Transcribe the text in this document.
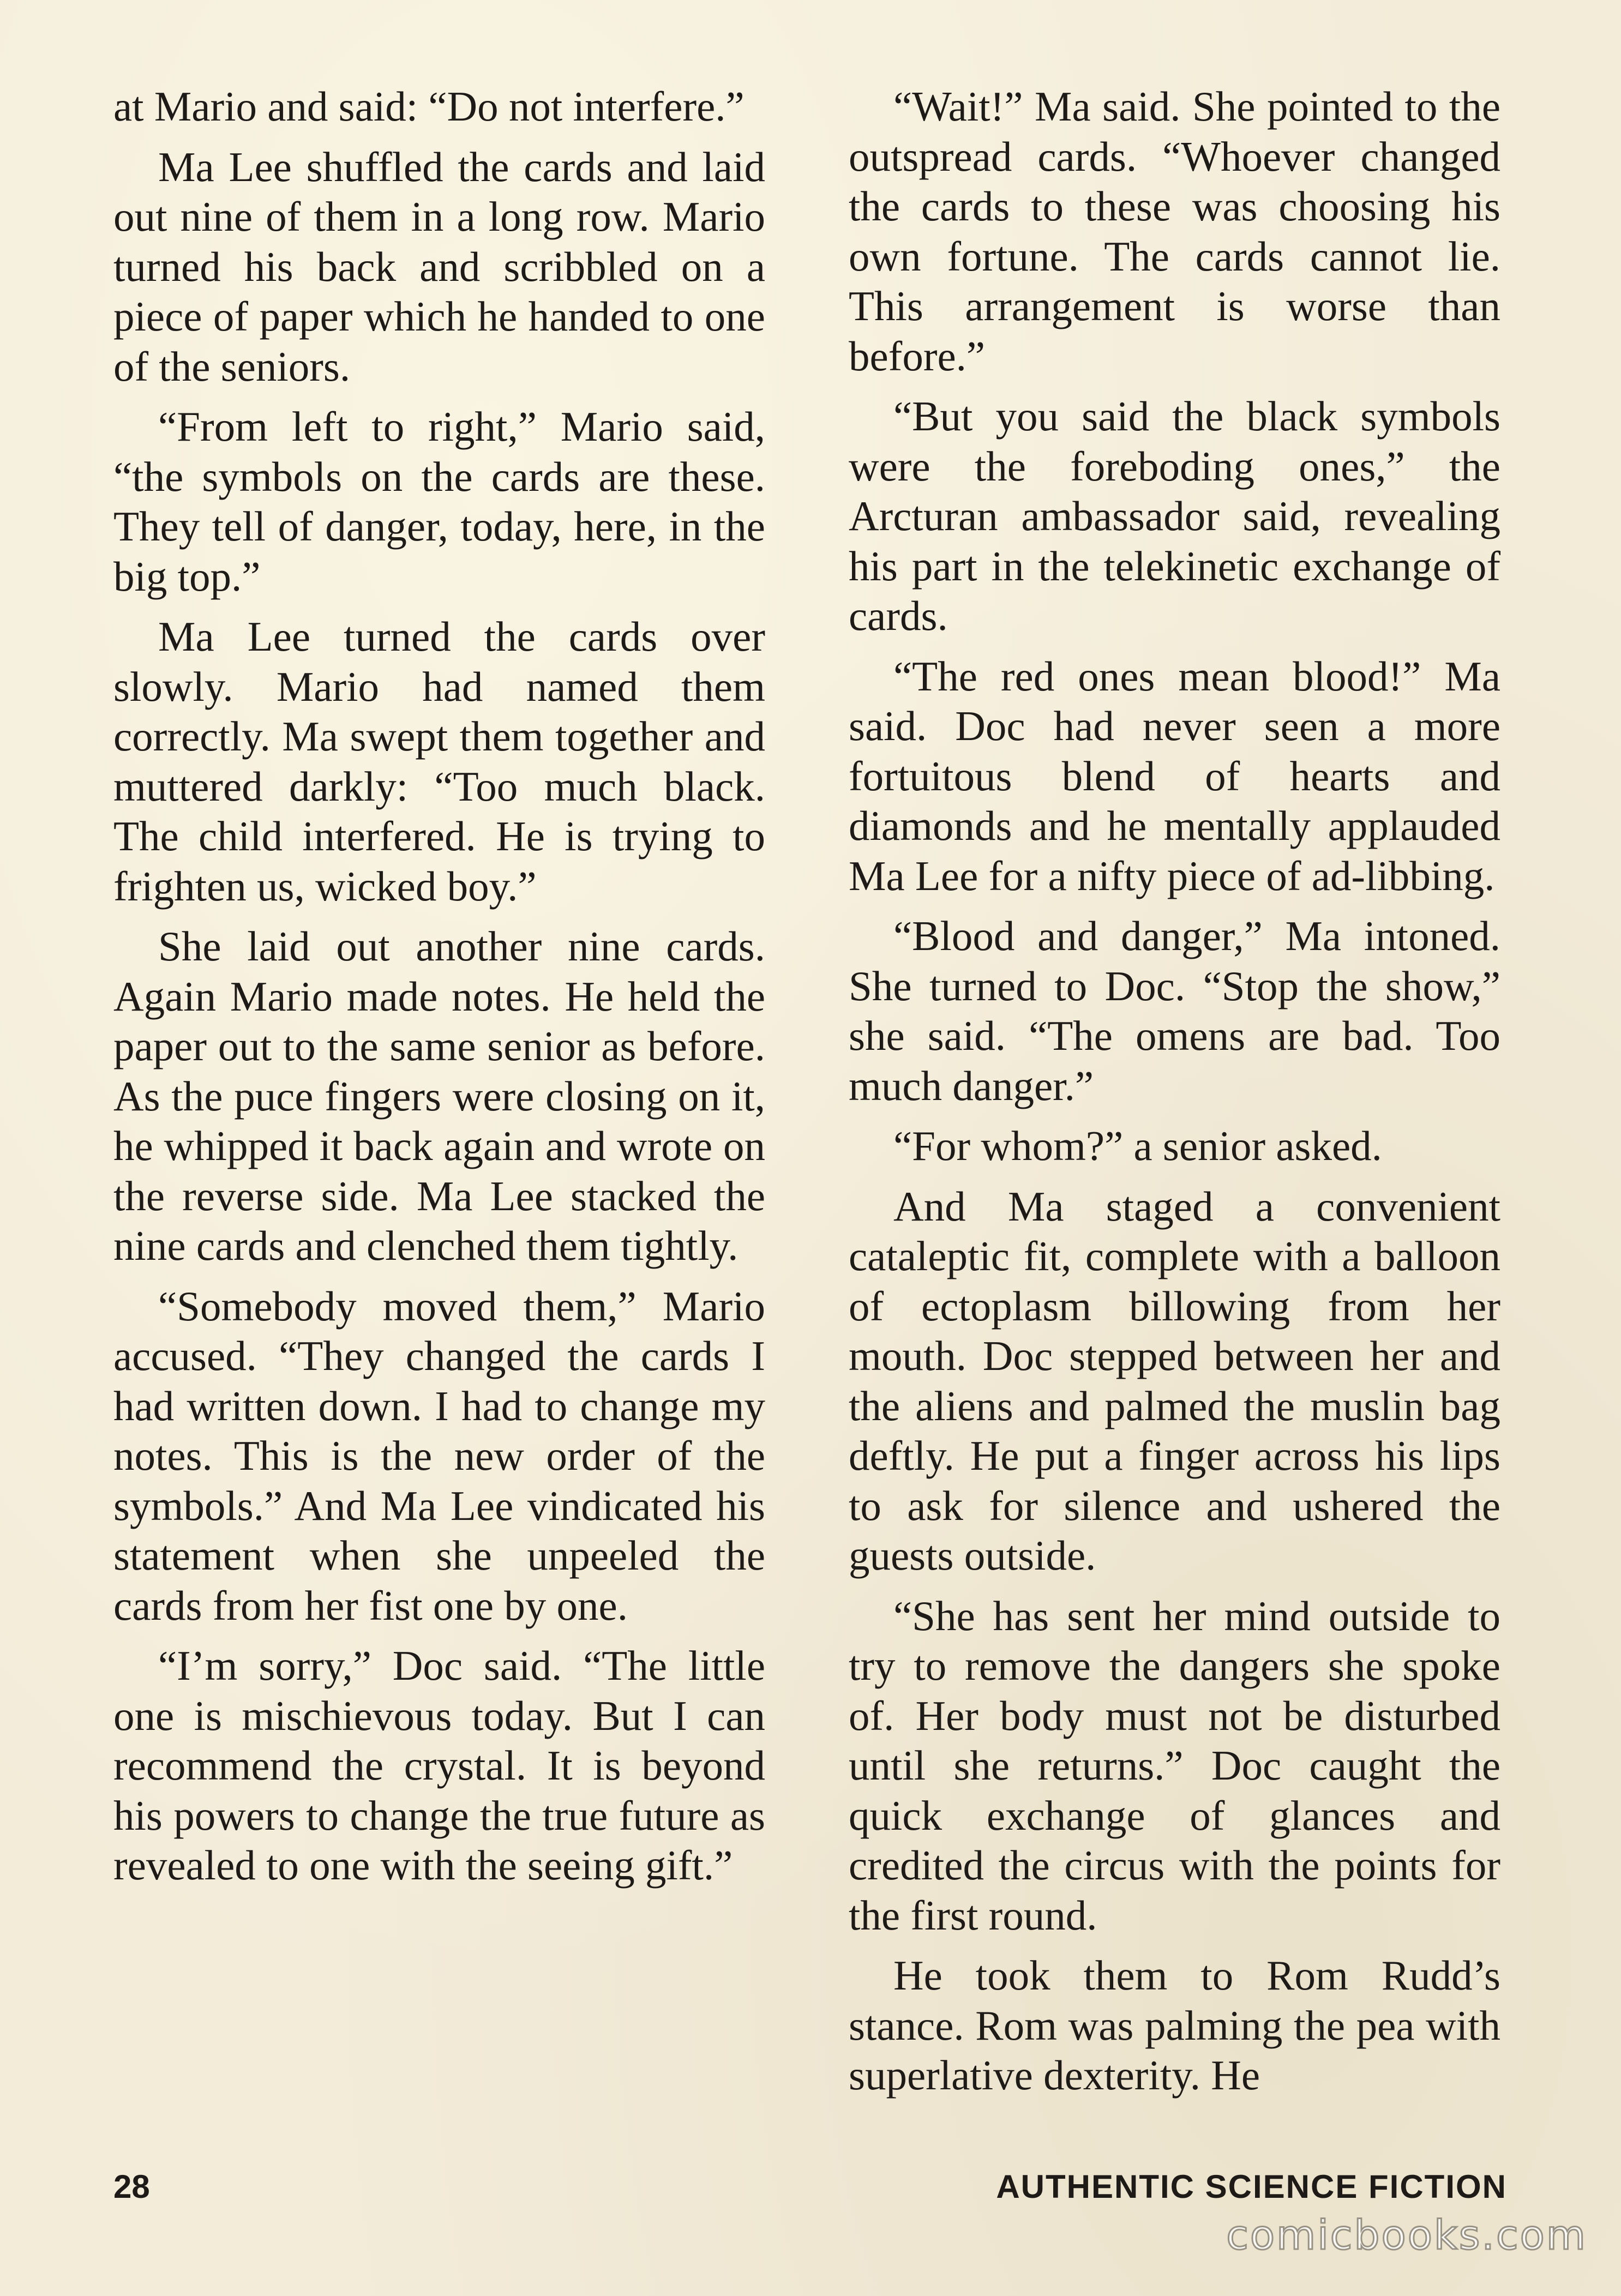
at Mario and said: “Do not interfere.”

Ma Lee shuffled the cards and laid out nine of them in a long row. Mario turned his back and scribbled on a piece of paper which he handed to one of the seniors.

“From left to right,” Mario said, “the symbols on the cards are these. They tell of danger, today, here, in the big top.”

Ma Lee turned the cards over slowly. Mario had named them correctly. Ma swept them together and muttered darkly: “Too much black. The child interfered. He is trying to frighten us, wicked boy.”

She laid out another nine cards. Again Mario made notes. He held the paper out to the same senior as before. As the puce fingers were closing on it, he whipped it back again and wrote on the reverse side. Ma Lee stacked the nine cards and clenched them tightly.

“Somebody moved them,” Mario accused. “They changed the cards I had written down. I had to change my notes. This is the new order of the symbols.” And Ma Lee vindicated his statement when she unpeeled the cards from her fist one by one.

“I’m sorry,” Doc said. “The little one is mischievous today. But I can recommend the crystal. It is beyond his powers to change the true future as revealed to one with the seeing gift.”

“Wait!” Ma said. She pointed to the outspread cards. “Whoever changed the cards to these was choosing his own fortune. The cards cannot lie. This arrangement is worse than before.”

“But you said the black symbols were the foreboding ones,” the Arcturan ambassador said, revealing his part in the telekinetic exchange of cards.

“The red ones mean blood!” Ma said. Doc had never seen a more fortuitous blend of hearts and diamonds and he mentally applauded Ma Lee for a nifty piece of ad-libbing.

“Blood and danger,” Ma intoned. She turned to Doc. “Stop the show,” she said. “The omens are bad. Too much danger.”

“For whom?” a senior asked.

And Ma staged a convenient cataleptic fit, complete with a balloon of ectoplasm billowing from her mouth. Doc stepped between her and the aliens and palmed the muslin bag deftly. He put a finger across his lips to ask for silence and ushered the guests outside.

“She has sent her mind outside to try to remove the dangers she spoke of. Her body must not be disturbed until she returns.” Doc caught the quick exchange of glances and credited the circus with the points for the first round.

He took them to Rom Rudd’s stance. Rom was palming the pea with superlative dexterity. He

28	AUTHENTIC SCIENCE FICTION
comicbooks.com
